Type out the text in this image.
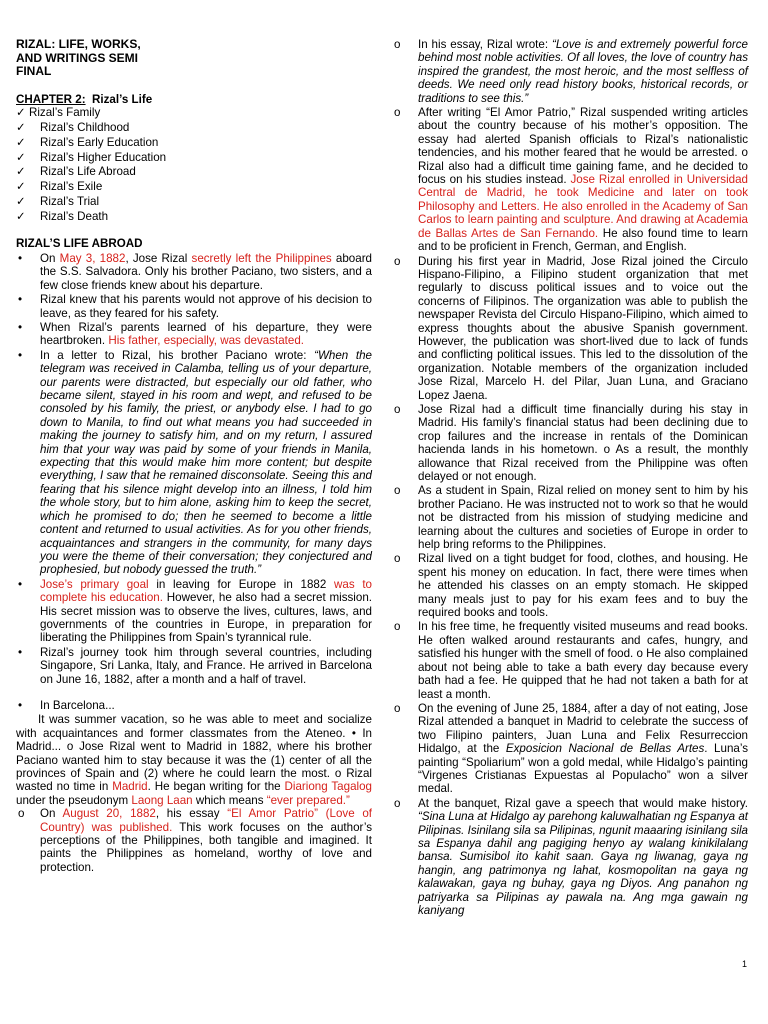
RIZAL: LIFE, WORKS,

AND WRITINGS SEMI

FINAL

CHAPTER 2: Rizal’s Life

✓ Rizal’s Family
✓ Rizal’s Childhood
✓ Rizal’s Early Education
✓ Rizal’s Higher Education
✓ Rizal’s Life Abroad
✓ Rizal’s Exile
✓ Rizal’s Trial
✓ Rizal’s Death

RIZAL’S LIFE ABROAD

• On May 3, 1882, Jose Rizal secretly left the Philippines aboard the S.S. Salvadora. Only his brother Paciano, two sisters, and a few close friends knew about his departure.

• Rizal knew that his parents would not approve of his decision to leave, as they feared for his safety.

• When Rizal’s parents learned of his departure, they were heartbroken. His father, especially, was devastated.

• In a letter to Rizal, his brother Paciano wrote: “When the telegram was received in Calamba, telling us of your departure, our parents were distracted, but especially our old father, who became silent, stayed in his room and wept, and refused to be consoled by his family, the priest, or anybody else. I had to go down to Manila, to find out what means you had succeeded in making the journey to satisfy him, and on my return, I assured him that your way was paid by some of your friends in Manila, expecting that this would make him more content; but despite everything, I saw that he remained disconsolate. Seeing this and fearing that his silence might develop into an illness, I told him the whole story, but to him alone, asking him to keep the secret, which he promised to do; then he seemed to become a little content and returned to usual activities. As for you other friends, acquaintances and strangers in the community, for many days you were the theme of their conversation; they conjectured and prophesied, but nobody guessed the truth.”

• Jose’s primary goal in leaving for Europe in 1882 was to complete his education. However, he also had a secret mission. His secret mission was to observe the lives, cultures, laws, and governments of the countries in Europe, in preparation for liberating the Philippines from Spain’s tyrannical rule.

• Rizal’s journey took him through several countries, including Singapore, Sri Lanka, Italy, and France. He arrived in Barcelona on June 16, 1882, after a month and a half of travel.

• In Barcelona...

It was summer vacation, so he was able to meet and socialize with acquaintances and former classmates from the Ateneo. • In Madrid... o Jose Rizal went to Madrid in 1882, where his brother Paciano wanted him to stay because it was the (1) center of all the provinces of Spain and (2) where he could learn the most. o Rizal wasted no time in Madrid. He began writing for the Diariong Tagalog under the pseudonym Laong Laan which means “ever prepared.”

o On August 20, 1882, his essay “El Amor Patrio” (Love of Country) was published. This work focuses on the author’s perceptions of the Philippines, both tangible and imagined. It paints the Philippines as homeland, worthy of love and protection.

o In his essay, Rizal wrote: “Love is and extremely powerful force behind most noble activities. Of all loves, the love of country has inspired the grandest, the most heroic, and the most selfless of deeds. We need only read history books, historical records, or traditions to see this.”

o After writing “El Amor Patrio,” Rizal suspended writing articles about the country because of his mother’s opposition. The essay had alerted Spanish officials to Rizal’s nationalistic tendencies, and his mother feared that he would be arrested. o Rizal also had a difficult time gaining fame, and he decided to focus on his studies instead. Jose Rizal enrolled in Universidad Central de Madrid, he took Medicine and later on took Philosophy and Letters. He also enrolled in the Academy of San Carlos to learn painting and sculpture. And drawing at Academia de Ballas Artes de San Fernando. He also found time to learn and to be proficient in French, German, and English.

o During his first year in Madrid, Jose Rizal joined the Circulo Hispano-Filipino, a Filipino student organization that met regularly to discuss political issues and to voice out the concerns of Filipinos. The organization was able to publish the newspaper Revista del Circulo Hispano-Filipino, which aimed to express thoughts about the abusive Spanish government. However, the publication was short-lived due to lack of funds and conflicting political issues. This led to the dissolution of the organization. Notable members of the organization included Jose Rizal, Marcelo H. del Pilar, Juan Luna, and Graciano Lopez Jaena.

o Jose Rizal had a difficult time financially during his stay in Madrid. His family’s financial status had been declining due to crop failures and the increase in rentals of the Dominican hacienda lands in his hometown. o As a result, the monthly allowance that Rizal received from the Philippine was often delayed or not enough.

o As a student in Spain, Rizal relied on money sent to him by his brother Paciano. He was instructed not to work so that he would not be distracted from his mission of studying medicine and learning about the cultures and societies of Europe in order to help bring reforms to the Philippines.

o Rizal lived on a tight budget for food, clothes, and housing. He spent his money on education. In fact, there were times when he attended his classes on an empty stomach. He skipped many meals just to pay for his exam fees and to buy the required books and tools.

o In his free time, he frequently visited museums and read books. He often walked around restaurants and cafes, hungry, and satisfied his hunger with the smell of food. o He also complained about not being able to take a bath every day because every bath had a fee. He quipped that he had not taken a bath for at least a month.

o On the evening of June 25, 1884, after a day of not eating, Jose Rizal attended a banquet in Madrid to celebrate the success of two Filipino painters, Juan Luna and Felix Resurreccion Hidalgo, at the Exposicion Nacional de Bellas Artes. Luna’s painting “Spoliarium” won a gold medal, while Hidalgo’s painting “Virgenes Cristianas Expuestas al Populacho” won a silver medal.

o At the banquet, Rizal gave a speech that would make history. “Sina Luna at Hidalgo ay parehong kaluwalhatian ng Espanya at Pilipinas. Isinilang sila sa Pilipinas, ngunit maaaring isinilang sila sa Espanya dahil ang pagiging henyo ay walang kinikilalang bansa. Sumisibol ito kahit saan. Gaya ng liwanag, gaya ng hangin, ang patrimonya ng lahat, kosmopolitan na gaya ng kalawakan, gaya ng buhay, gaya ng Diyos. Ang panahon ng patriyarka sa Pilipinas ay pawala na. Ang mga gawain ng kaniyang

1
